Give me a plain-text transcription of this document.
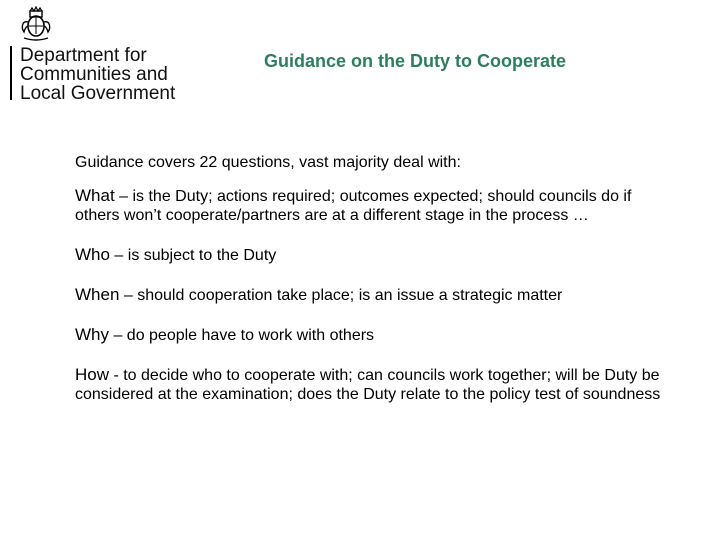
Department for
Communities and
Local Government
Guidance on the Duty to Cooperate
Guidance covers 22 questions, vast majority deal with:
What – is the Duty; actions required; outcomes expected; should councils do if others won’t cooperate/partners are at a different stage in the process …
Who – is subject to the Duty
When – should cooperation take place; is an issue a strategic matter
Why – do people have to work with others
How - to decide who to cooperate with; can councils work together; will be Duty be considered at the examination; does the Duty relate to the policy test of soundness
